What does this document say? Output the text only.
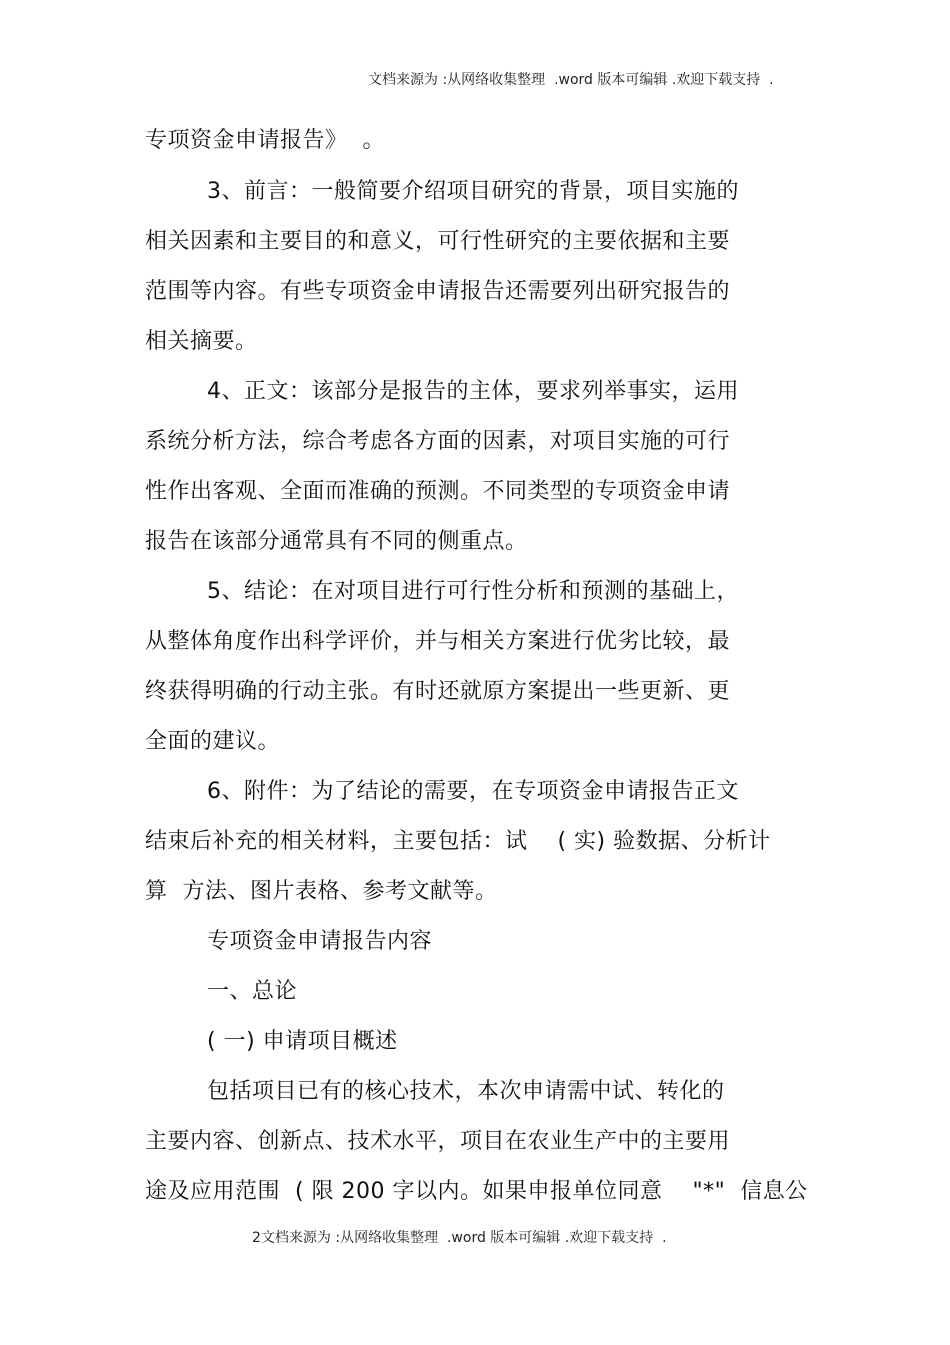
文档来源为 :从网络收集整理  .word 版本可编辑 .欢迎下载支持  .
专项资金申请报告》  。
3、前言：一般简要介绍项目研究的背景，项目实施的
相关因素和主要目的和意义，可行性研究的主要依据和主要
范围等内容。有些专项资金申请报告还需要列出研究报告的
相关摘要。
4、正文：该部分是报告的主体，要求列举事实，运用
系统分析方法，综合考虑各方面的因素，对项目实施的可行
性作出客观、全面而准确的预测。不同类型的专项资金申请
报告在该部分通常具有不同的侧重点。
5、结论：在对项目进行可行性分析和预测的基础上，
从整体角度作出科学评价，并与相关方案进行优劣比较，最
终获得明确的行动主张。有时还就原方案提出一些更新、更
全面的建议。
6、附件：为了结论的需要，在专项资金申请报告正文
结束后补充的相关材料，主要包括：试    ( 实) 验数据、分析计
算  方法、图片表格、参考文献等。
专项资金申请报告内容
一、总论
( 一) 申请项目概述
包括项目已有的核心技术，本次申请需中试、转化的
主要内容、创新点、技术水平，项目在农业生产中的主要用
途及应用范围  ( 限 200 字以内。如果申报单位同意    "*"  信息公
2文档来源为 :从网络收集整理  .word 版本可编辑 .欢迎下载支持  .
